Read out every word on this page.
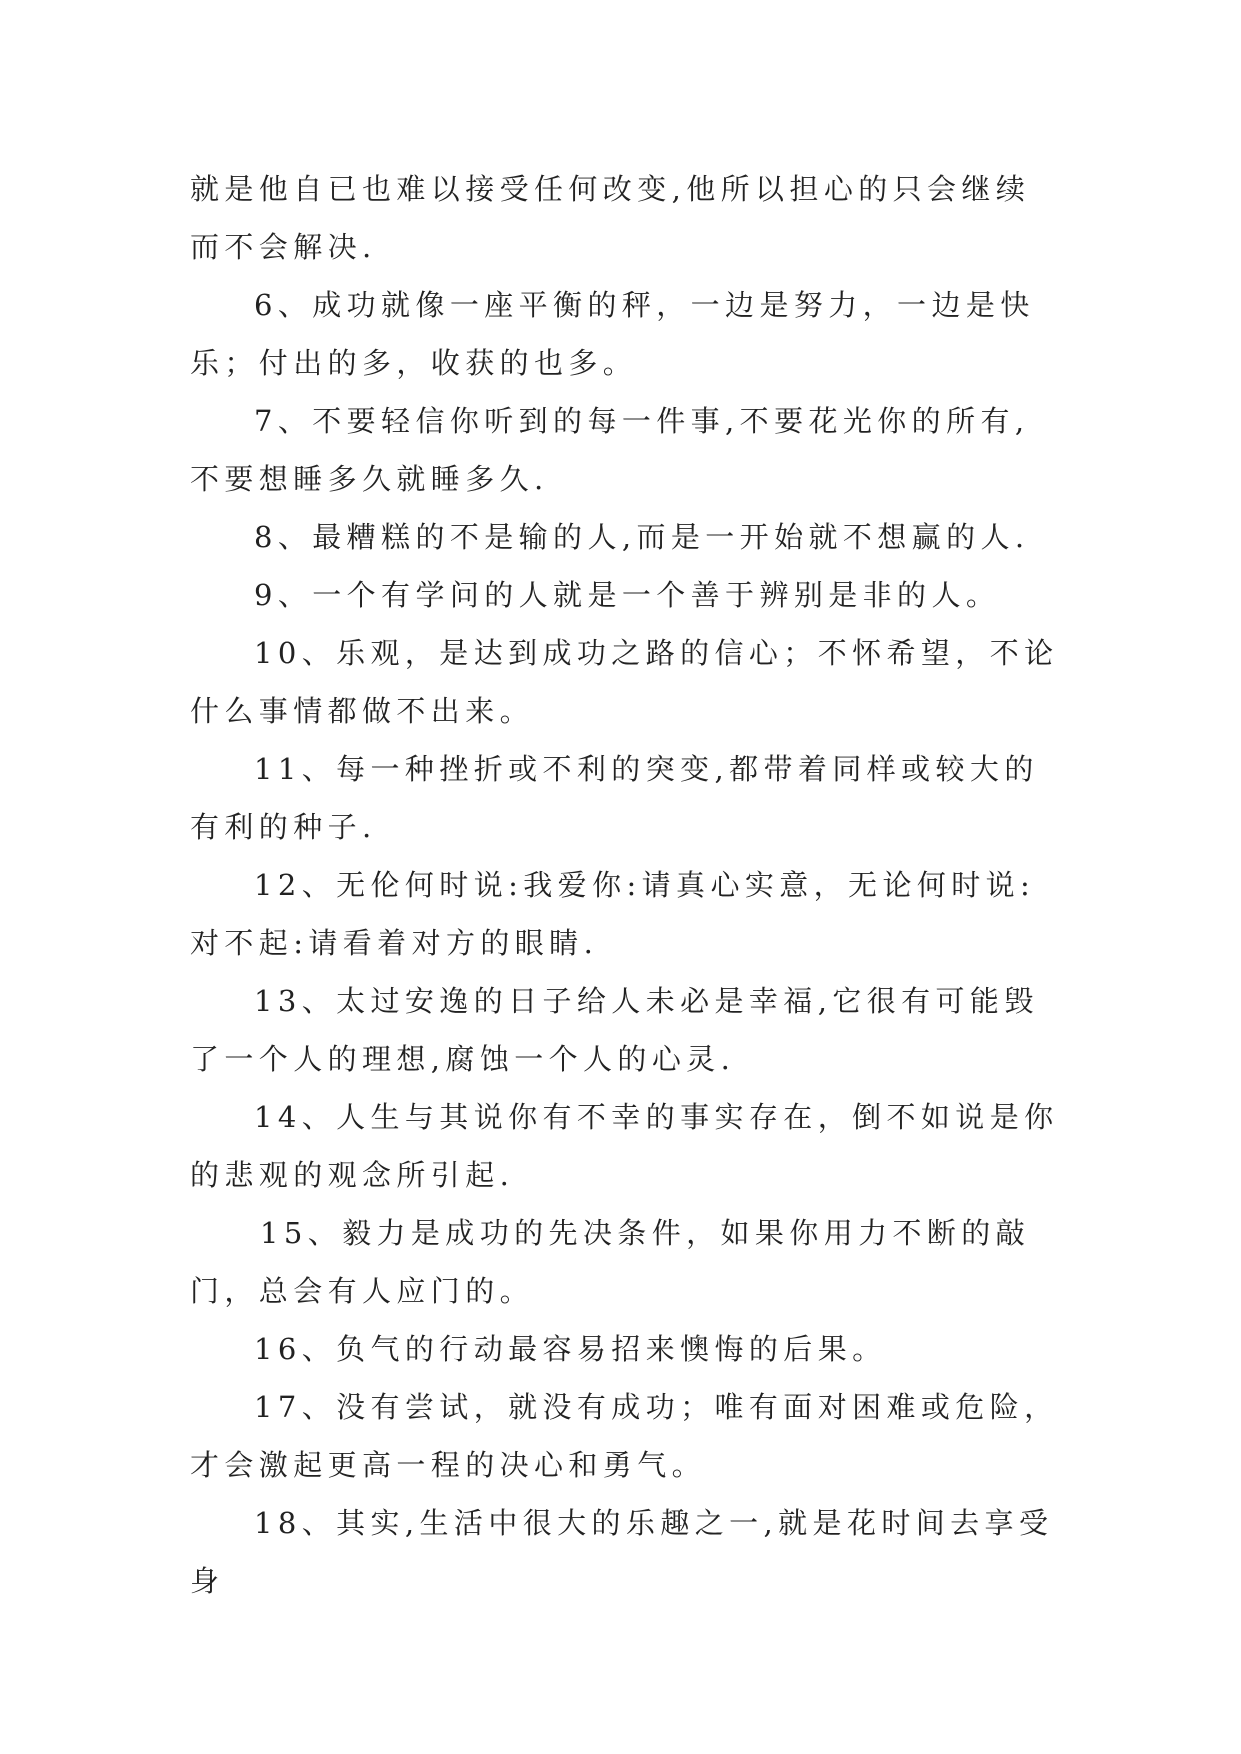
就是他自已也难以接受任何改变,他所以担心的只会继续而不会解决.

6、成功就像一座平衡的秤，一边是努力，一边是快乐；付出的多，收获的也多。

7、不要轻信你听到的每一件事,不要花光你的所有,不要想睡多久就睡多久.

8、最糟糕的不是输的人,而是一开始就不想赢的人.

9、一个有学问的人就是一个善于辨别是非的人。

10、乐观，是达到成功之路的信心；不怀希望，不论什么事情都做不出来。

11、每一种挫折或不利的突变,都带着同样或较大的有利的种子.

12、无伦何时说:我爱你:请真心实意，无论何时说:对不起:请看着对方的眼睛.

13、太过安逸的日子给人未必是幸福,它很有可能毁了一个人的理想,腐蚀一个人的心灵.

14、人生与其说你有不幸的事实存在，倒不如说是你的悲观的观念所引起.

15、毅力是成功的先决条件，如果你用力不断的敲门，总会有人应门的。

16、负气的行动最容易招来懊悔的后果。

17、没有尝试，就没有成功；唯有面对困难或危险，才会激起更高一程的决心和勇气。

18、其实,生活中很大的乐趣之一,就是花时间去享受身
